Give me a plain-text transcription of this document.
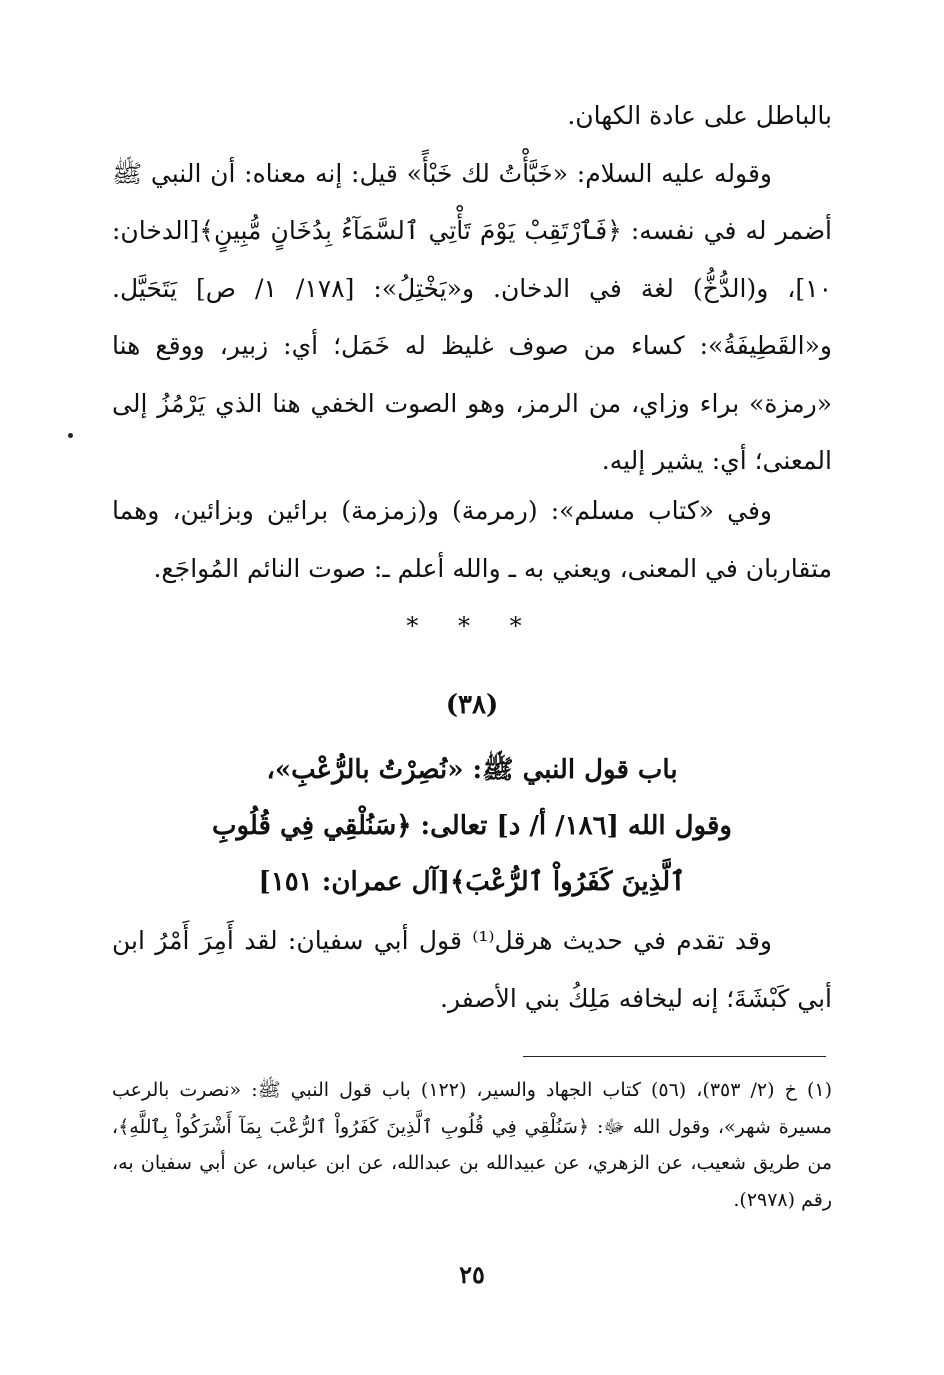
بالباطل على عادة الكهان.

وقوله عليه السلام: «خَبَّأْتُ لك خَبْأً» قيل: إنه معناه: أن النبي ﷺ أضمر له في نفسه: ﴿فَٱرْتَقِبْ يَوْمَ تَأْتِي ٱلسَّمَآءُ بِدُخَانٍ مُّبِينٍ﴾[الدخان: ١٠]، و(الدُّخُّ) لغة في الدخان. و«يَخْتِلُ»: [١٧٨/ ١/ ص] يَتَحَيَّل. و«القَطِيفَةُ»: كساء من صوف غليظ له خَمَل؛ أي: زبير، ووقع هنا «رمزة» براء وزاي، من الرمز، وهو الصوت الخفي هنا الذي يَرْمُزُ إلى المعنى؛ أي: يشير إليه.

وفي «كتاب مسلم»: (رمرمة) و(زمزمة) برائين وبزائين، وهما متقاربان في المعنى، ويعني به ـ والله أعلم ـ: صوت النائم المُواجَع.

* * *
(٣٨)
باب قول النبي ﷺ: «نُصِرْتُ بالرُّعْبِ»،
وقول الله [١٨٦/ أ/ د] تعالى: ﴿سَنُلْقِي فِي قُلُوبِ
ٱلَّذِينَ كَفَرُواْ ٱلرُّعْبَ﴾[آل عمران: ١٥١]

وقد تقدم في حديث هرقل⁽¹⁾ قول أبي سفيان: لقد أَمِرَ أَمْرُ ابن أبي كَبْشَةَ؛ إنه ليخافه مَلِكُ بني الأصفر.

(١) خ (٢/ ٣٥٣)، (٥٦) كتاب الجهاد والسير، (١٢٢) باب قول النبي ﷺ: «نصرت بالرعب مسيرة شهر»، وقول الله ﷻ: ﴿سَنُلْقِي فِي قُلُوبِ ٱلَّذِينَ كَفَرُواْ ٱلرُّعْبَ بِمَآ أَشْرَكُواْ بِٱللَّهِ﴾، من طريق شعيب، عن الزهري، عن عبيدالله بن عبدالله، عن ابن عباس، عن أبي سفيان به، رقم (٢٩٧٨).

٢٥
